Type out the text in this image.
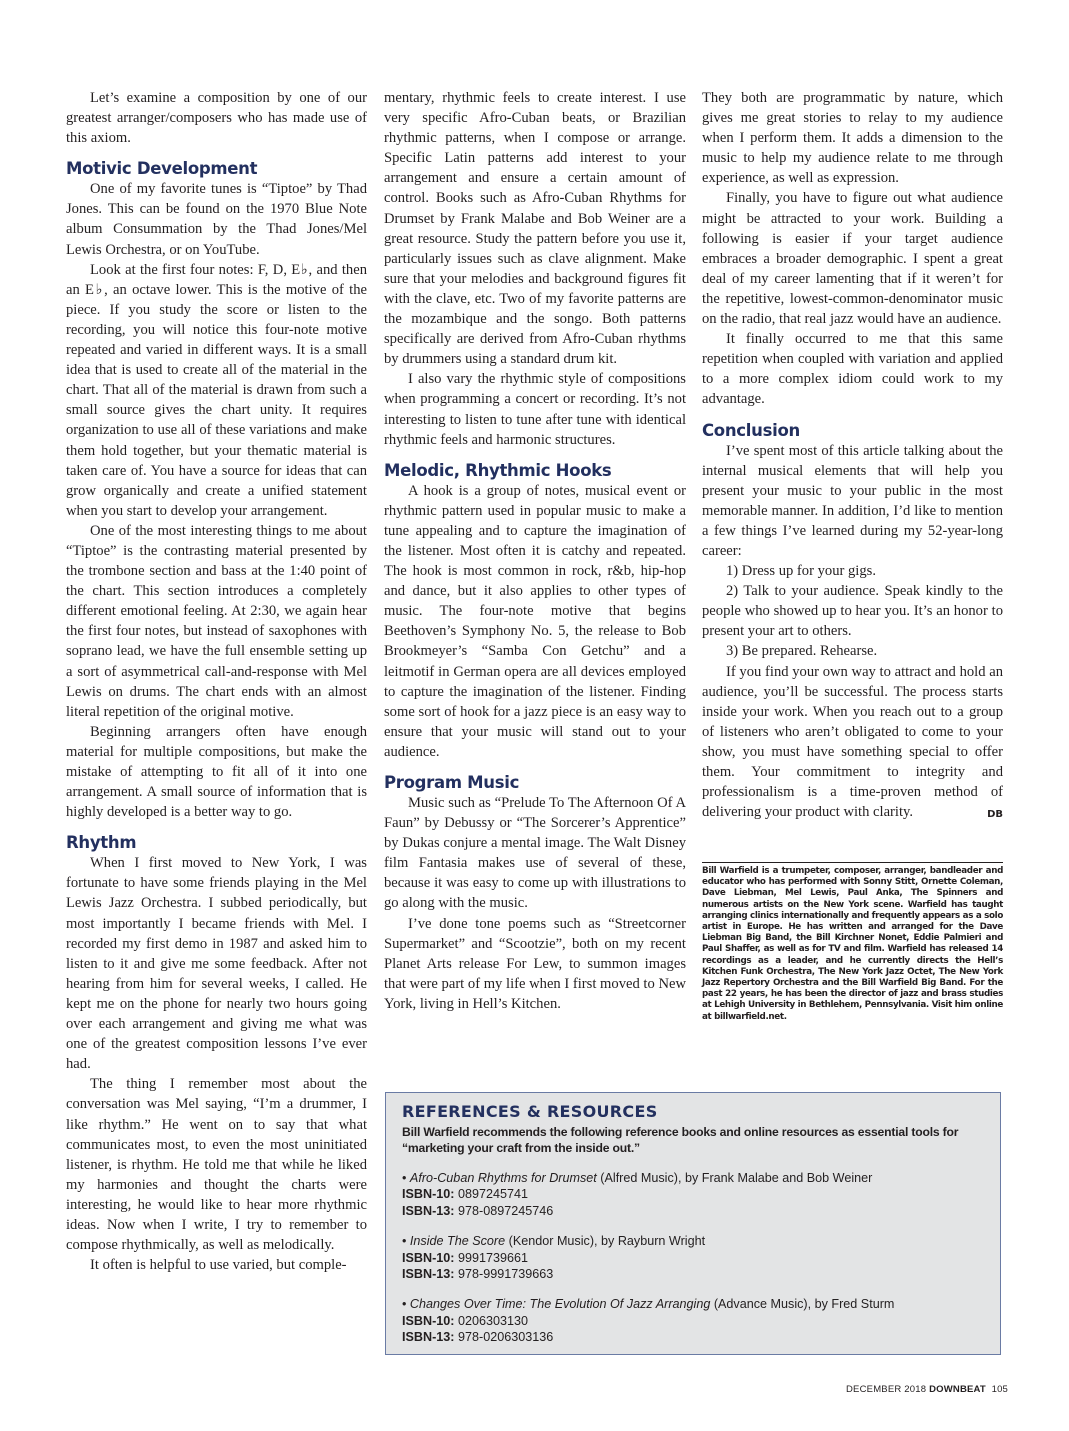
Let’s examine a composition by one of our greatest arranger/composers who has made use of this axiom.

Motivic Development

One of my favorite tunes is “Tiptoe” by Thad Jones. This can be found on the 1970 Blue Note album Consummation by the Thad Jones/Mel Lewis Orchestra, or on YouTube.

Look at the first four notes: F, D, E♭, and then an E♭, an octave lower. This is the motive of the piece. If you study the score or listen to the recording, you will notice this four-note motive repeated and varied in different ways. It is a small idea that is used to create all of the material in the chart. That all of the material is drawn from such a small source gives the chart unity. It requires organization to use all of these variations and make them hold together, but your thematic material is taken care of. You have a source for ideas that can grow organically and create a unified statement when you start to develop your arrangement.

One of the most interesting things to me about “Tiptoe” is the contrasting material presented by the trombone section and bass at the 1:40 point of the chart. This section introduces a completely different emotional feeling. At 2:30, we again hear the first four notes, but instead of saxophones with soprano lead, we have the full ensemble setting up a sort of asymmetrical call-and-response with Mel Lewis on drums. The chart ends with an almost literal repetition of the original motive.

Beginning arrangers often have enough material for multiple compositions, but make the mistake of attempting to fit all of it into one arrangement. A small source of information that is highly developed is a better way to go.

Rhythm

When I first moved to New York, I was fortunate to have some friends playing in the Mel Lewis Jazz Orchestra. I subbed periodically, but most importantly I became friends with Mel. I recorded my first demo in 1987 and asked him to listen to it and give me some feedback. After not hearing from him for several weeks, I called. He kept me on the phone for nearly two hours going over each arrangement and giving me what was one of the greatest composition lessons I’ve ever had.

The thing I remember most about the conversation was Mel saying, “I’m a drummer, I like rhythm.” He went on to say that what communicates most, to even the most uninitiated listener, is rhythm. He told me that while he liked my harmonies and thought the charts were interesting, he would like to hear more rhythmic ideas. Now when I write, I try to remember to compose rhythmically, as well as melodically.

It often is helpful to use varied, but comple-

mentary, rhythmic feels to create interest. I use very specific Afro-Cuban beats, or Brazilian rhythmic patterns, when I compose or arrange. Specific Latin patterns add interest to your arrangement and ensure a certain amount of control. Books such as Afro-Cuban Rhythms for Drumset by Frank Malabe and Bob Weiner are a great resource. Study the pattern before you use it, particularly issues such as clave alignment. Make sure that your melodies and background figures fit with the clave, etc. Two of my favorite patterns are the mozambique and the songo. Both patterns specifically are derived from Afro-Cuban rhythms by drummers using a standard drum kit.

I also vary the rhythmic style of compositions when programming a concert or recording. It’s not interesting to listen to tune after tune with identical rhythmic feels and harmonic structures.

Melodic, Rhythmic Hooks

A hook is a group of notes, musical event or rhythmic pattern used in popular music to make a tune appealing and to capture the imagination of the listener. Most often it is catchy and repeated. The hook is most common in rock, r&b, hip-hop and dance, but it also applies to other types of music. The four-note motive that begins Beethoven’s Symphony No. 5, the release to Bob Brookmeyer’s “Samba Con Getchu” and a leitmotif in German opera are all devices employed to capture the imagination of the listener. Finding some sort of hook for a jazz piece is an easy way to ensure that your music will stand out to your audience.

Program Music

Music such as “Prelude To The Afternoon Of A Faun” by Debussy or “The Sorcerer’s Apprentice” by Dukas conjure a mental image. The Walt Disney film Fantasia makes use of several of these, because it was easy to come up with illustrations to go along with the music.

I’ve done tone poems such as “Streetcorner Supermarket” and “Scootzie”, both on my recent Planet Arts release For Lew, to summon images that were part of my life when I first moved to New York, living in Hell’s Kitchen.

They both are programmatic by nature, which gives me great stories to relay to my audience when I perform them. It adds a dimension to the music to help my audience relate to me through experience, as well as expression.

Finally, you have to figure out what audience might be attracted to your work. Building a following is easier if your target audience embraces a broader demographic. I spent a great deal of my career lamenting that if it weren’t for the repetitive, lowest-common-denominator music on the radio, that real jazz would have an audience.

It finally occurred to me that this same repetition when coupled with variation and applied to a more complex idiom could work to my advantage.

Conclusion

I’ve spent most of this article talking about the internal musical elements that will help you present your music to your public in the most memorable manner. In addition, I’d like to mention a few things I’ve learned during my 52-year-long career:

1) Dress up for your gigs.

2) Talk to your audience. Speak kindly to the people who showed up to hear you. It’s an honor to present your art to others.

3) Be prepared. Rehearse.

If you find your own way to attract and hold an audience, you’ll be successful. The process starts inside your work. When you reach out to a group of listeners who aren’t obligated to come to your show, you must have something special to offer them. Your commitment to integrity and professionalism is a time-proven method of delivering your product with clarity.	DB

Bill Warfield is a trumpeter, composer, arranger, bandleader and educator who has performed with Sonny Stitt, Ornette Coleman, Dave Liebman, Mel Lewis, Paul Anka, The Spinners and numerous artists on the New York scene. Warfield has taught arranging clinics internationally and frequently appears as a solo artist in Europe. He has written and arranged for the Dave Liebman Big Band, the Bill Kirchner Nonet, Eddie Palmieri and Paul Shaffer, as well as for TV and film. Warfield has released 14 recordings as a leader, and he currently directs the Hell’s Kitchen Funk Orchestra, The New York Jazz Octet, The New York Jazz Repertory Orchestra and the Bill Warfield Big Band. For the past 22 years, he has been the director of jazz and brass studies at Lehigh University in Bethlehem, Pennsylvania. Visit him online at billwarfield.net.
REFERENCES & RESOURCES
Bill Warfield recommends the following reference books and online resources as essential tools for “marketing your craft from the inside out.”
• Afro-Cuban Rhythms for Drumset (Alfred Music), by Frank Malabe and Bob Weiner
ISBN-10: 0897245741
ISBN-13: 978-0897245746
• Inside The Score (Kendor Music), by Rayburn Wright
ISBN-10: 9991739661
ISBN-13: 978-9991739663
• Changes Over Time: The Evolution Of Jazz Arranging (Advance Music), by Fred Sturm
ISBN-10: 0206303130
ISBN-13: 978-0206303136
DECEMBER 2018 DOWNBEAT 105
